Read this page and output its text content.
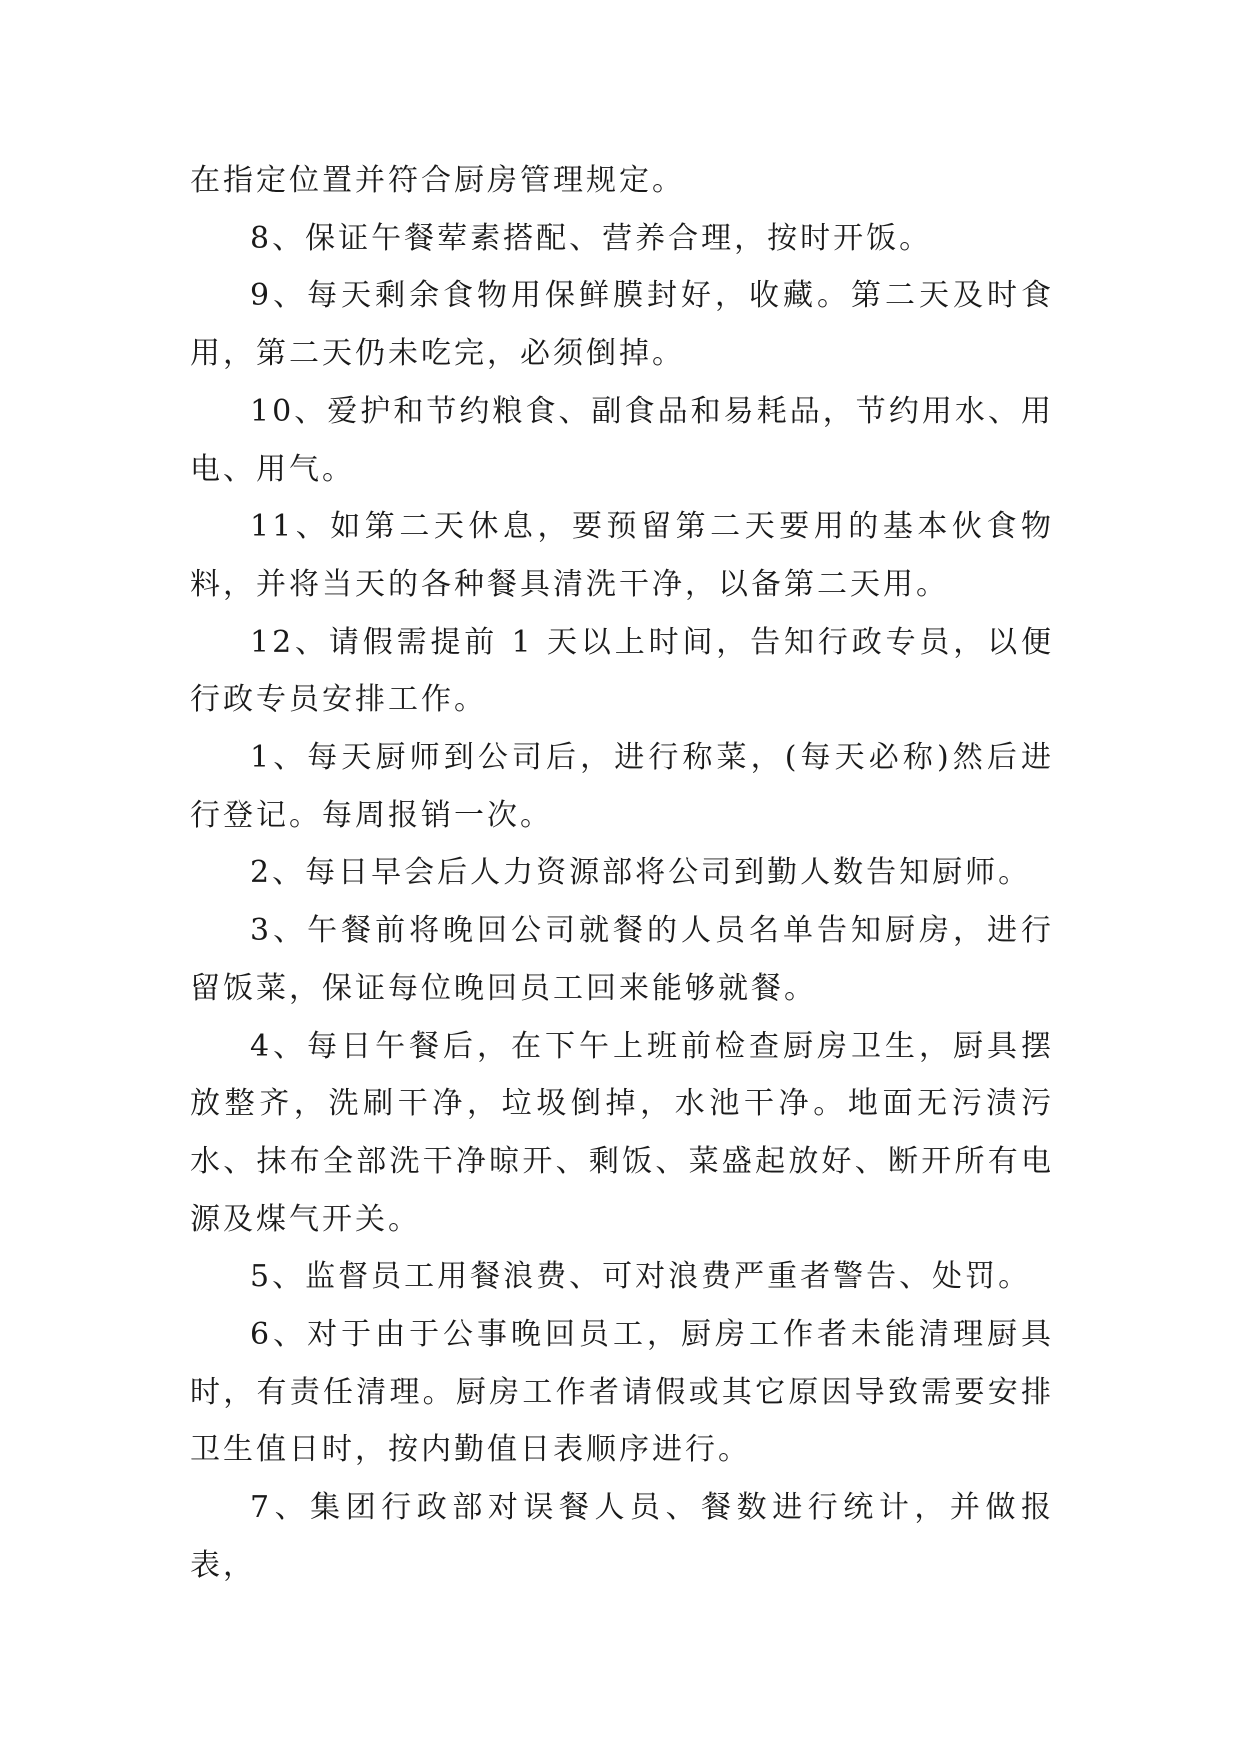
在指定位置并符合厨房管理规定。

8、保证午餐荤素搭配、营养合理，按时开饭。

9、每天剩余食物用保鲜膜封好，收藏。第二天及时食用，第二天仍未吃完，必须倒掉。

10、爱护和节约粮食、副食品和易耗品，节约用水、用电、用气。

11、如第二天休息，要预留第二天要用的基本伙食物料，并将当天的各种餐具清洗干净，以备第二天用。

12、请假需提前 1 天以上时间，告知行政专员，以便行政专员安排工作。

1、每天厨师到公司后，进行称菜，(每天必称)然后进行登记。每周报销一次。

2、每日早会后人力资源部将公司到勤人数告知厨师。

3、午餐前将晚回公司就餐的人员名单告知厨房，进行留饭菜，保证每位晚回员工回来能够就餐。

4、每日午餐后，在下午上班前检查厨房卫生，厨具摆放整齐，洗刷干净，垃圾倒掉，水池干净。地面无污渍污水、抹布全部洗干净晾开、剩饭、菜盛起放好、断开所有电源及煤气开关。

5、监督员工用餐浪费、可对浪费严重者警告、处罚。

6、对于由于公事晚回员工，厨房工作者未能清理厨具时，有责任清理。厨房工作者请假或其它原因导致需要安排卫生值日时，按内勤值日表顺序进行。

7、集团行政部对误餐人员、餐数进行统计，并做报表，
